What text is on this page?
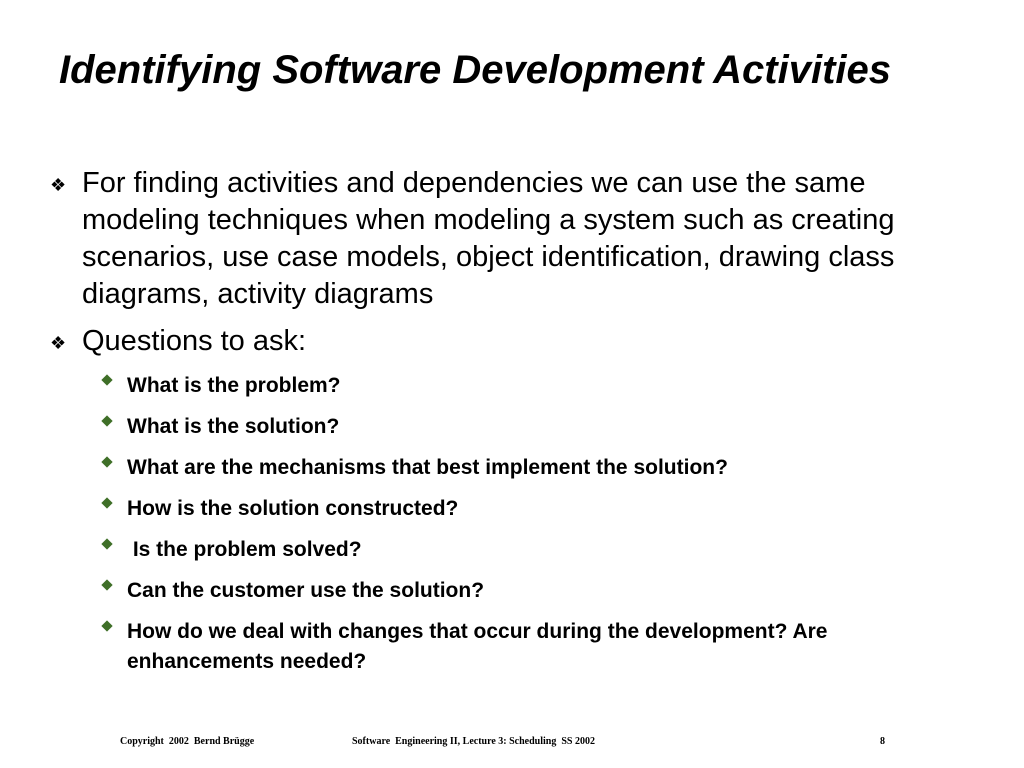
Identifying Software Development Activities
❖ For finding activities and dependencies we can use the same modeling techniques when modeling a system such as creating scenarios, use case models, object identification, drawing class diagrams, activity diagrams
❖ Questions to ask:
What is the problem?
What is the solution?
What are the mechanisms that best implement the solution?
How is the solution constructed?
Is the problem solved?
Can the customer use the solution?
How do we deal with changes that occur during the development? Are enhancements needed?
Copyright  2002  Bernd Brügge	Software  Engineering II, Lecture 3: Scheduling  SS 2002	8
